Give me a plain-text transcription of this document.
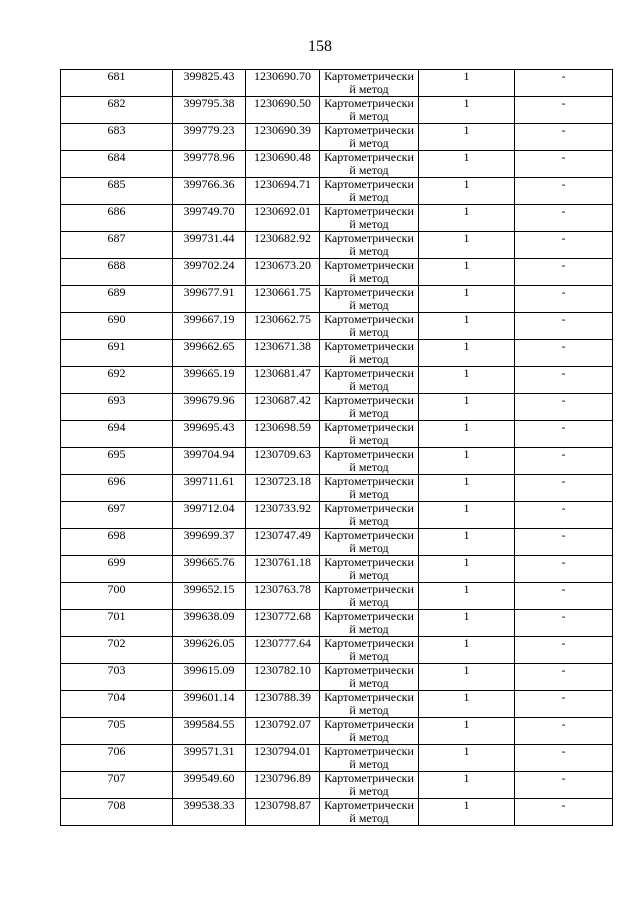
158
681	399825.43	1230690.70	Картометрический метод	1	-
682	399795.38	1230690.50	Картометрический метод	1	-
683	399779.23	1230690.39	Картометрический метод	1	-
684	399778.96	1230690.48	Картометрический метод	1	-
685	399766.36	1230694.71	Картометрический метод	1	-
686	399749.70	1230692.01	Картометрический метод	1	-
687	399731.44	1230682.92	Картометрический метод	1	-
688	399702.24	1230673.20	Картометрический метод	1	-
689	399677.91	1230661.75	Картометрический метод	1	-
690	399667.19	1230662.75	Картометрический метод	1	-
691	399662.65	1230671.38	Картометрический метод	1	-
692	399665.19	1230681.47	Картометрический метод	1	-
693	399679.96	1230687.42	Картометрический метод	1	-
694	399695.43	1230698.59	Картометрический метод	1	-
695	399704.94	1230709.63	Картометрический метод	1	-
696	399711.61	1230723.18	Картометрический метод	1	-
697	399712.04	1230733.92	Картометрический метод	1	-
698	399699.37	1230747.49	Картометрический метод	1	-
699	399665.76	1230761.18	Картометрический метод	1	-
700	399652.15	1230763.78	Картометрический метод	1	-
701	399638.09	1230772.68	Картометрический метод	1	-
702	399626.05	1230777.64	Картометрический метод	1	-
703	399615.09	1230782.10	Картометрический метод	1	-
704	399601.14	1230788.39	Картометрический метод	1	-
705	399584.55	1230792.07	Картометрический метод	1	-
706	399571.31	1230794.01	Картометрический метод	1	-
707	399549.60	1230796.89	Картометрический метод	1	-
708	399538.33	1230798.87	Картометрический метод	1	-
